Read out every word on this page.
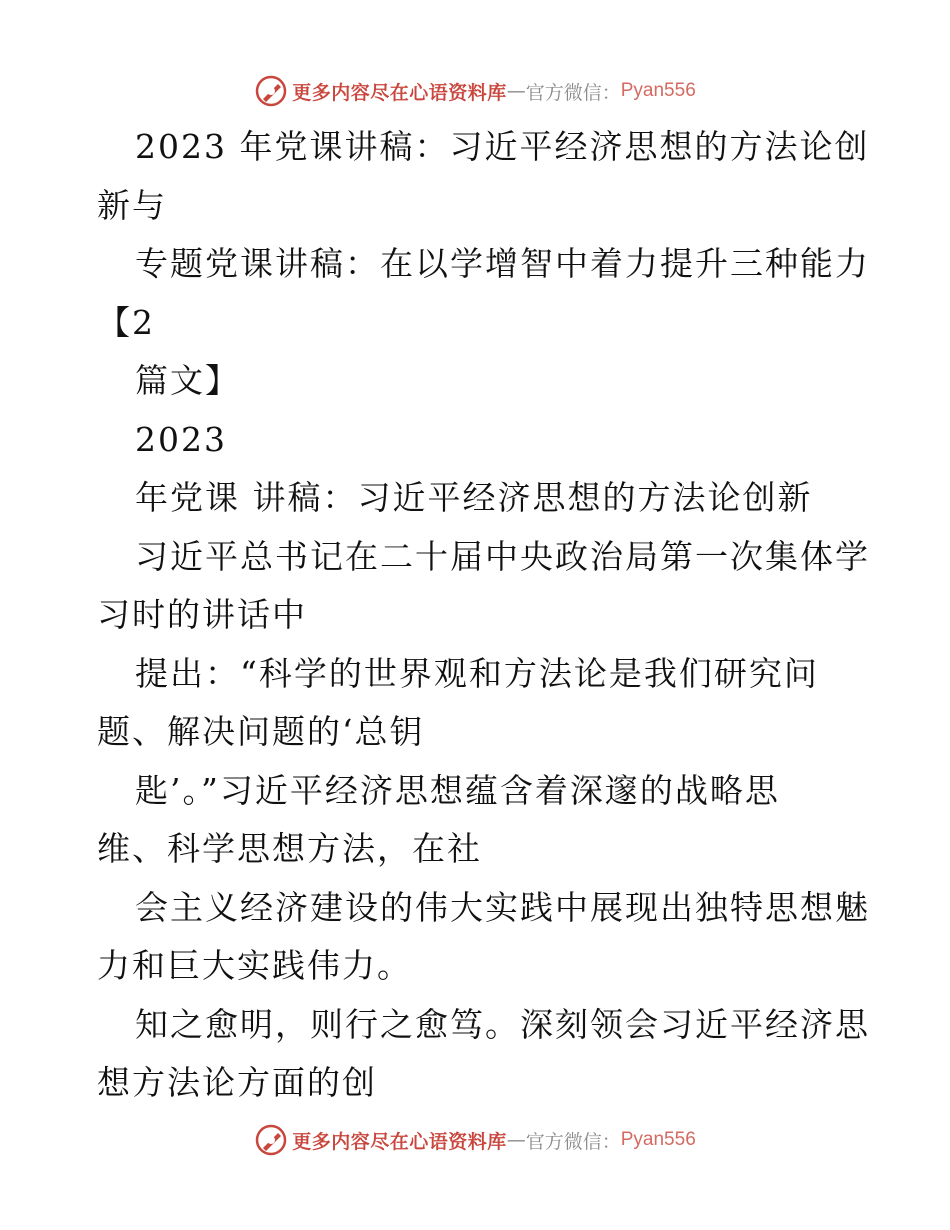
更多内容尽在心语资料库 — 官方微信： Pyan556
2023 年党课讲稿：习近平经济思想的方法论创
新与
专题党课讲稿：在以学增智中着力提升三种能力
【2
篇文】
2023
年党课 讲稿：习近平经济思想的方法论创新
习近平总书记在二十届中央政治局第一次集体学
习时的讲话中
提出：“科学的世界观和方法论是我们研究问
题、解决问题的‘总钥
匙’。”习近平经济思想蕴含着深邃的战略思
维、科学思想方法，在社
会主义经济建设的伟大实践中展现出独特思想魅
力和巨大实践伟力。
知之愈明，则行之愈笃。深刻领会习近平经济思
想方法论方面的创
更多内容尽在心语资料库 — 官方微信： Pyan556
